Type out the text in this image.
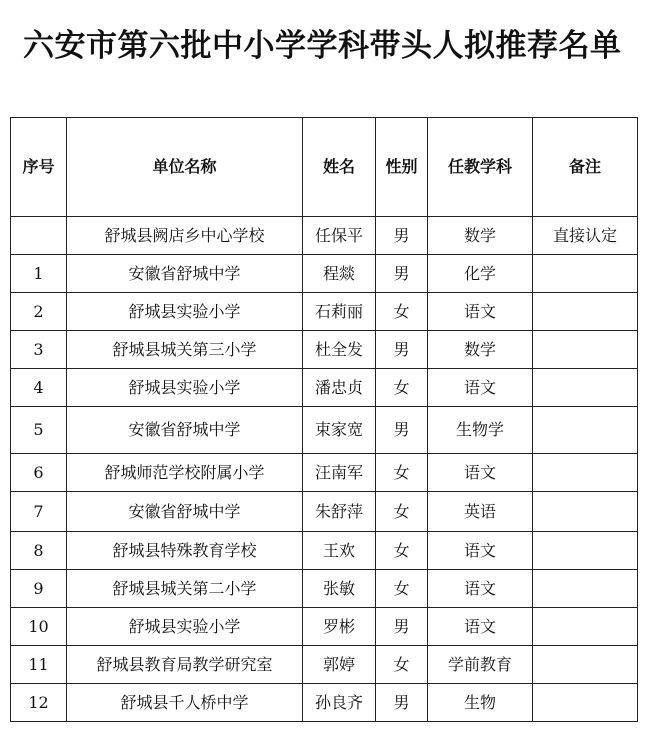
六安市第六批中小学学科带头人拟推荐名单
序号	单位名称	姓名	性别	任教学科	备注
	舒城县阙店乡中心学校	任保平	男	数学	直接认定
1	安徽省舒城中学	程燚	男	化学	
2	舒城县实验小学	石莉丽	女	语文	
3	舒城县城关第三小学	杜全发	男	数学	
4	舒城县实验小学	潘忠贞	女	语文	
5	安徽省舒城中学	束家宽	男	生物学	
6	舒城师范学校附属小学	汪南军	女	语文	
7	安徽省舒城中学	朱舒萍	女	英语	
8	舒城县特殊教育学校	王欢	女	语文	
9	舒城县城关第二小学	张敏	女	语文	
10	舒城县实验小学	罗彬	男	语文	
11	舒城县教育局教学研究室	郭婷	女	学前教育	
12	舒城县千人桥中学	孙良齐	男	生物	
